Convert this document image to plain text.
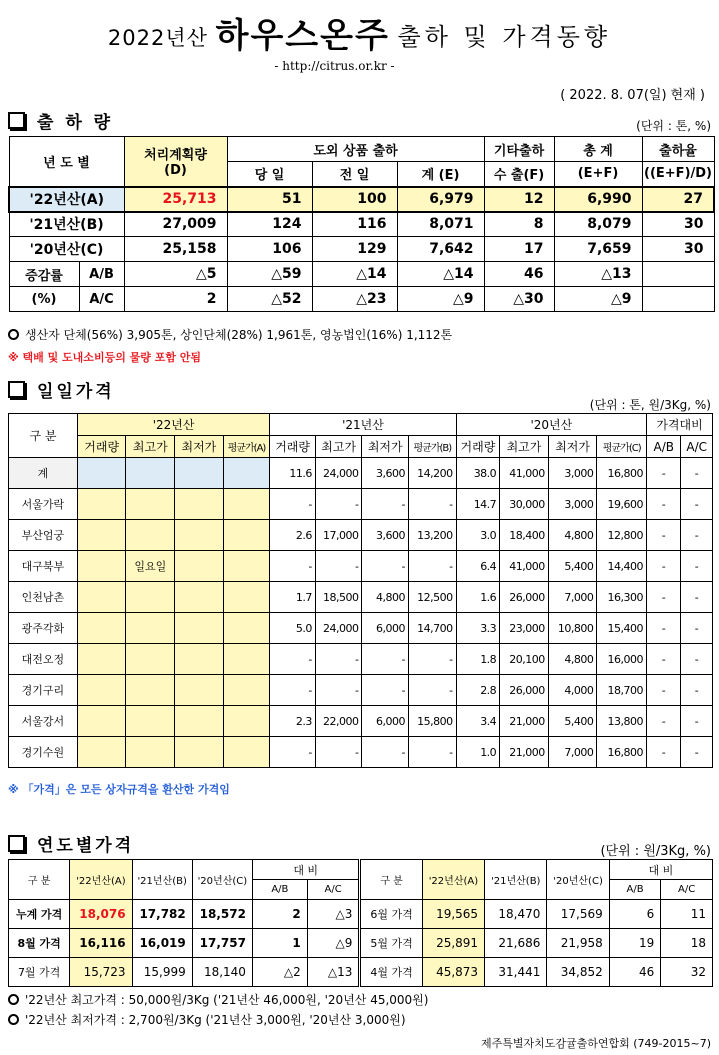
2022년산 하우스온주 출하 및 가격동향
- http://citrus.or.kr -
( 2022. 8. 07(일) 현재 )
출 하 량	(단위 : 톤, %)
년 도 별		처리계획량
(D)	도외 상품 출하			기타출하	총 계	출하율
			당 일	전 일	계 (E)	수 출(F)	(E+F)	((E+F)/D)
'22년산(A)		25,713	51	100	6,979	12	6,990	27
'21년산(B)		27,009	124	116	8,071	8	8,079	30
'20년산(C)		25,158	106	129	7,642	17	7,659	30
증감률	A/B	△5	△59	△14	△14	46	△13	
(%)	A/C	2	△52	△23	△9	△30	△9	
생산자 단체(56%) 3,905톤, 상인단체(28%) 1,961톤, 영농법인(16%) 1,112톤
※ 택배 및 도내소비등의 물량 포함 안됨
일일가격
(단위 : 톤, 원/3Kg, %)
구 분	'22년산				'21년산				'20년산				가격대비	
	거래량	최고가	최저가	평균가(A)	거래량	최고가	최저가	평균가(B)	거래량	최고가	최저가	평균가(C)	A/B	A/C
계					11.6	24,000	3,600	14,200	38.0	41,000	3,000	16,800	-	-
서울가락					-	-	-	-	14.7	30,000	3,000	19,600	-	-
부산엄궁					2.6	17,000	3,600	13,200	3.0	18,400	4,800	12,800	-	-
대구북부		일요일			-	-	-	-	6.4	41,000	5,400	14,400	-	-
인천남촌					1.7	18,500	4,800	12,500	1.6	26,000	7,000	16,300	-	-
광주각화					5.0	24,000	6,000	14,700	3.3	23,000	10,800	15,400	-	-
대전오정					-	-	-	-	1.8	20,100	4,800	16,000	-	-
경기구리					-	-	-	-	2.8	26,000	4,000	18,700	-	-
서울강서					2.3	22,000	6,000	15,800	3.4	21,000	5,400	13,800	-	-
경기수원					-	-	-	-	1.0	21,000	7,000	16,800	-	-
※ 「가격」은 모든 상자규격을 환산한 가격임
연도별가격	(단위 : 원/3Kg, %)
구 분	'22년산(A)	'21년산(B)	'20년산(C)	대 비		구 분	'22년산(A)	'21년산(B)	'20년산(C)	대 비	
				A/B	A/C					A/B	A/C
누계 가격	18,076	17,782	18,572	2	△3	6월 가격	19,565	18,470	17,569	6	11
8월 가격	16,116	16,019	17,757	1	△9	5월 가격	25,891	21,686	21,958	19	18
7월 가격	15,723	15,999	18,140	△2	△13	4월 가격	45,873	31,441	34,852	46	32
'22년산 최고가격 : 50,000원/3Kg ('21년산 46,000원, '20년산 45,000원)
'22년산 최저가격 : 2,700원/3Kg ('21년산 3,000원, '20년산 3,000원)
제주특별자치도감귤출하연합회 (749-2015~7)
